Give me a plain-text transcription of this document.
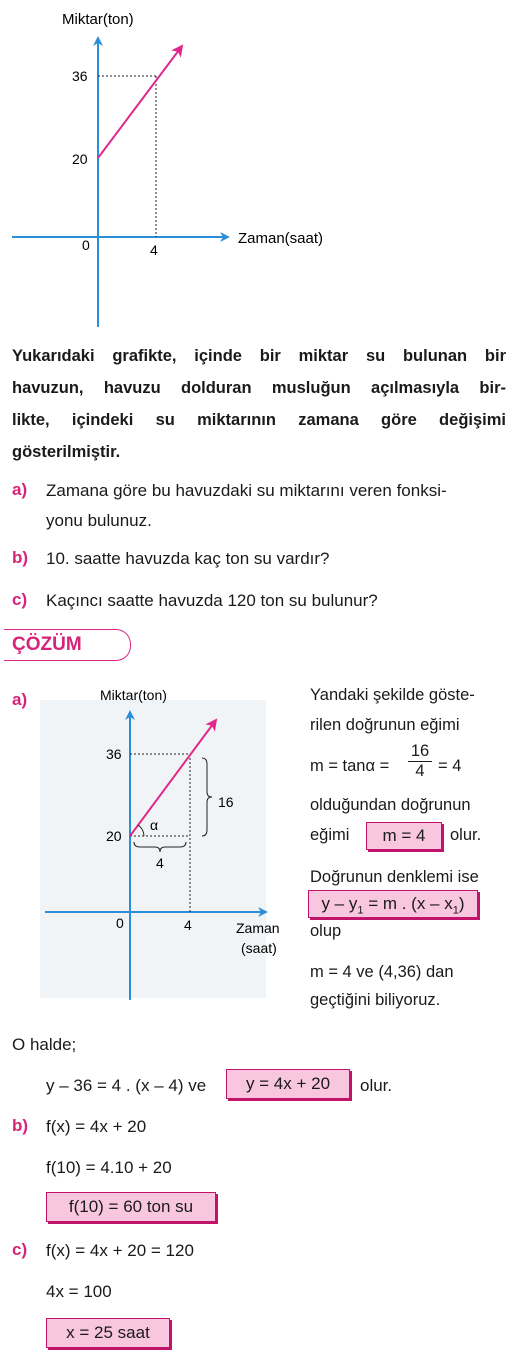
Miktar(ton)
Zaman(saat)
0
36
20
4
Yukarıdaki grafikte, içinde bir miktar su bulunan bir
havuzun, havuzu dolduran musluğun açılmasıyla bir-
likte, içindeki su miktarının zamana göre değişimi
gösterilmiştir.
a) Zamana göre bu havuzdaki su miktarını veren fonksi-
yonu bulunuz.
b) 10. saatte havuzda kaç ton su vardır?
c) Kaçıncı saatte havuzda 120 ton su bulunur?
ÇÖZÜM
a)	Miktar(ton)
Zaman
(saat)
0
36
20
4
16
4
α
Yandaki şekilde göste-
rilen doğrunun eğimi
$m = \tan\alpha = \frac{16}{4} = 4$
olduğundan doğrunun
eğimi	m = 4	olur.
Doğrunun denklemi ise
$y - y_1 = m$ . $(x - x_1)$
olup
m = 4 ve (4,36) dan
geçtiğini biliyoruz.
O halde;
y – 36 = 4 . (x – 4) ve	y = 4x + 20	olur.
b) f(x) = 4x + 20
f(10) = 4.10 + 20
f(10) = 60 ton su
c) f(x) = 4x + 20 = 120
4x = 100
x = 25 saat
